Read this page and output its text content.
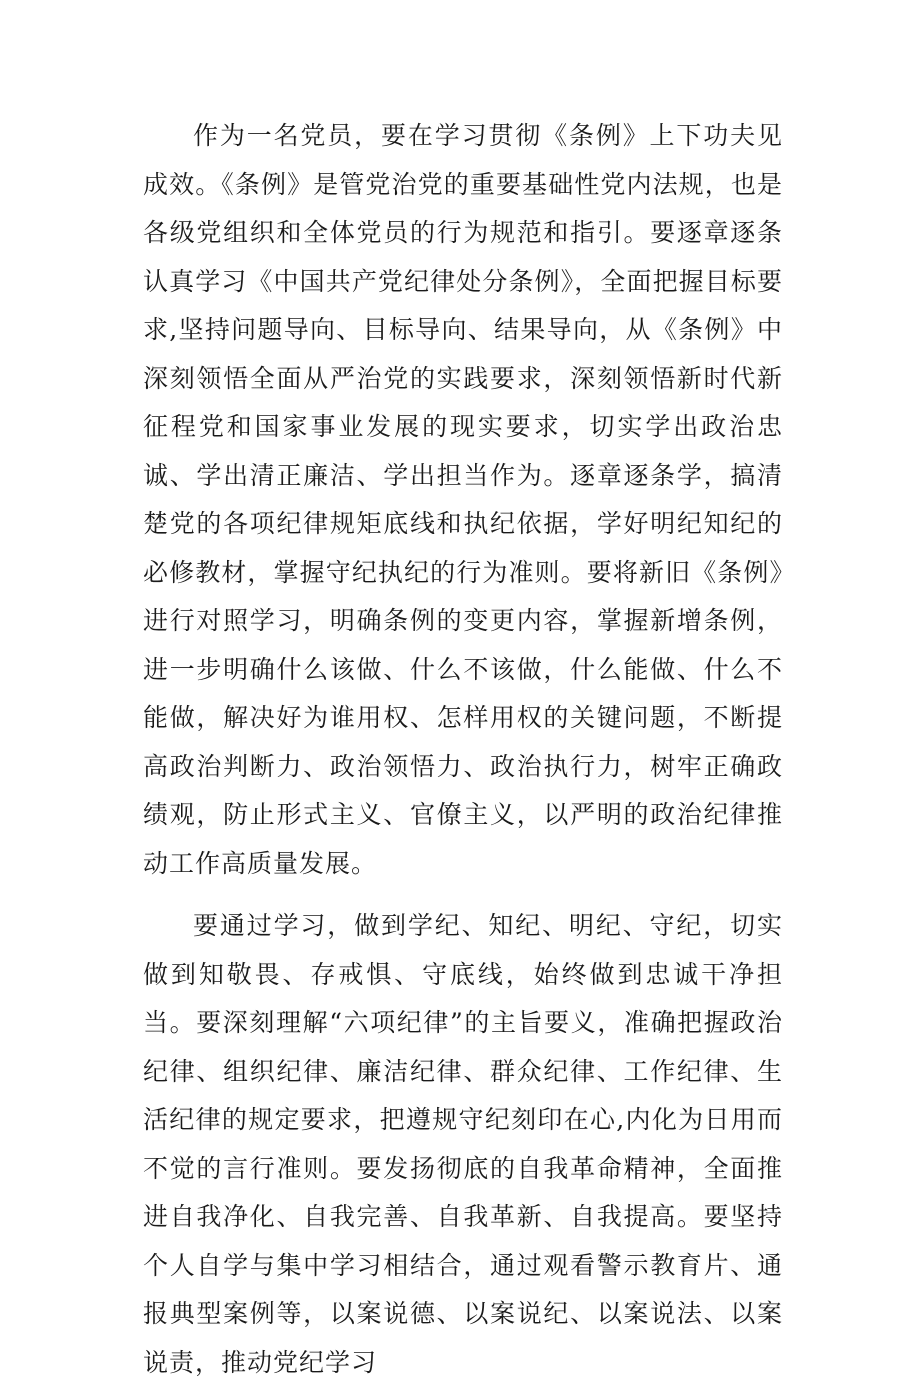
作为一名党员，要在学习贯彻《条例》上下功夫见成效。《条例》是管党治党的重要基础性党内法规，也是各级党组织和全体党员的行为规范和指引。要逐章逐条认真学习《中国共产党纪律处分条例》，全面把握目标要求,坚持问题导向、目标导向、结果导向，从《条例》中深刻领悟全面从严治党的实践要求，深刻领悟新时代新征程党和国家事业发展的现实要求，切实学出政治忠诚、学出清正廉洁、学出担当作为。逐章逐条学，搞清楚党的各项纪律规矩底线和执纪依据，学好明纪知纪的必修教材，掌握守纪执纪的行为准则。要将新旧《条例》进行对照学习，明确条例的变更内容，掌握新增条例，进一步明确什么该做、什么不该做，什么能做、什么不能做，解决好为谁用权、怎样用权的关键问题，不断提高政治判断力、政治领悟力、政治执行力，树牢正确政绩观，防止形式主义、官僚主义，以严明的政治纪律推动工作高质量发展。

要通过学习，做到学纪、知纪、明纪、守纪，切实做到知敬畏、存戒惧、守底线，始终做到忠诚干净担当。要深刻理解“六项纪律”的主旨要义，准确把握政治纪律、组织纪律、廉洁纪律、群众纪律、工作纪律、生活纪律的规定要求，把遵规守纪刻印在心,内化为日用而不觉的言行准则。要发扬彻底的自我革命精神，全面推进自我净化、自我完善、自我革新、自我提高。要坚持个人自学与集中学习相结合，通过观看警示教育片、通报典型案例等，以案说德、以案说纪、以案说法、以案说责，推动党纪学习
